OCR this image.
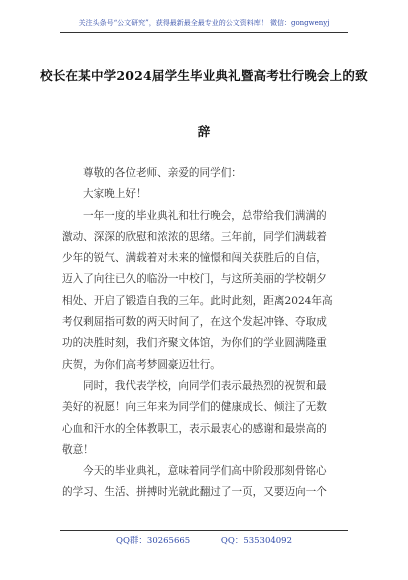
关注头条号“公文研究”，获得最新最全最专业的公文资料库！ 微信：gongwenyj
校长在某中学2024届学生毕业典礼暨高考壮行晚会上的致
辞

尊敬的各位老师、亲爱的同学们：

大家晚上好！

一年一度的毕业典礼和壮行晚会，总带给我们满满的
激动、深深的欣慰和浓浓的思绪。三年前，同学们满载着
少年的锐气、满载着对未来的憧憬和闯关获胜后的自信，
迈入了向往已久的临汾一中校门，与这所美丽的学校朝夕
相处、开启了锻造自我的三年。此时此刻，距离2024年高
考仅剩屈指可数的两天时间了，在这个发起冲锋、夺取成
功的决胜时刻，我们齐聚文体馆，为你们的学业圆满隆重
庆贺，为你们高考梦圆豪迈壮行。
同时，我代表学校，向同学们表示最热烈的祝贺和最
美好的祝愿！向三年来为同学们的健康成长、倾注了无数
心血和汗水的全体教职工，表示最衷心的感谢和最崇高的
敬意！
今天的毕业典礼，意味着同学们高中阶段那刻骨铭心
的学习、生活、拼搏时光就此翻过了一页，又要迈向一个
QQ群：30265665	QQ：535304092
